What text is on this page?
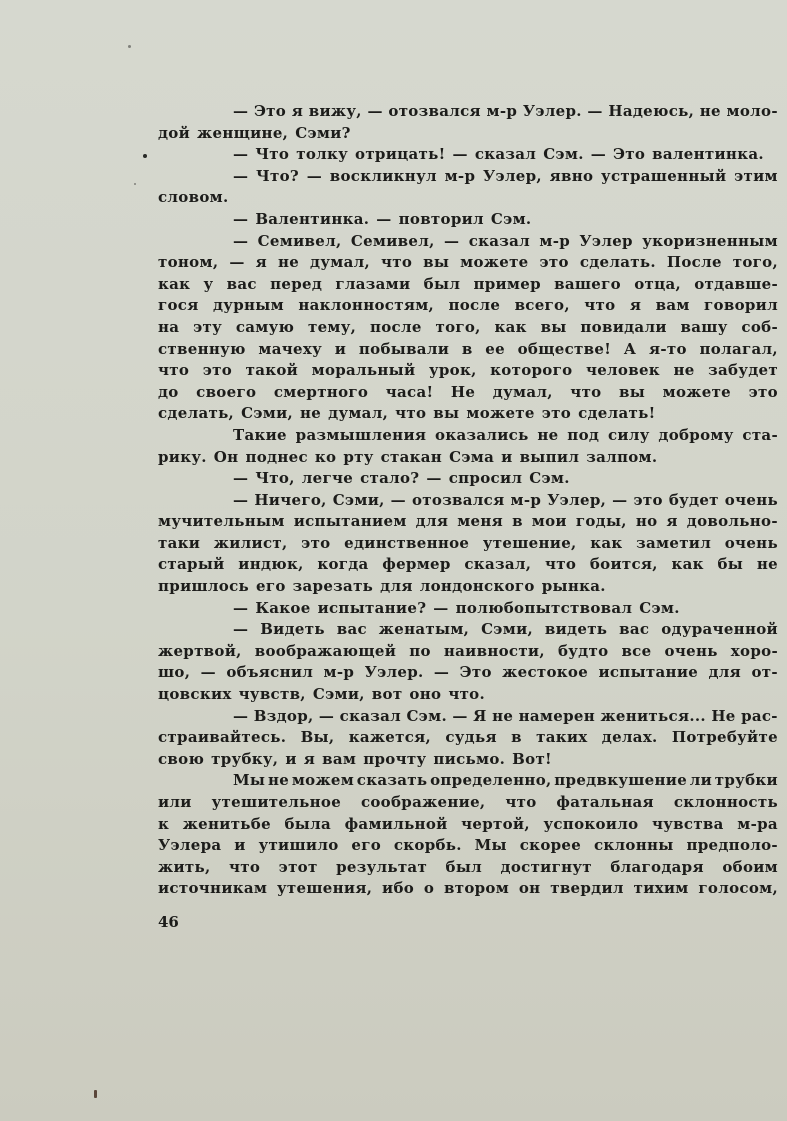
— Это я вижу, — отозвался м-р Уэлер. — Надеюсь, не моло-
дой женщине, Сэми?
— Что толку отрицать! — сказал Сэм. — Это валентинка.
— Что? — воскликнул м-р Уэлер, явно устрашенный этим
словом.
— Валентинка. — повторил Сэм.
— Семивел, Семивел, — сказал м-р Уэлер укоризненным
тоном, — я не думал, что вы можете это сделать. После того,
как у вас перед глазами был пример вашего отца, отдавше-
гося дурным наклонностям, после всего, что я вам говорил
на эту самую тему, после того, как вы повидали вашу соб-
ственную мачеху и побывали в ее обществе! А я-то полагал,
что это такой моральный урок, которого человек не забудет
до своего смертного часа! Не думал, что вы можете это
сделать, Сэми, не думал, что вы можете это сделать!
Такие размышления оказались не под силу доброму ста-
рику. Он поднес ко рту стакан Сэма и выпил залпом.
— Что, легче стало? — спросил Сэм.
— Ничего, Сэми, — отозвался м-р Уэлер, — это будет очень
мучительным испытанием для меня в мои годы, но я довольно-
таки жилист, это единственное утешение, как заметил очень
старый индюк, когда фермер сказал, что боится, как бы не
пришлось его зарезать для лондонского рынка.
— Какое испытание? — полюбопытствовал Сэм.
— Видеть вас женатым, Сэми, видеть вас одураченной
жертвой, воображающей по наивности, будто все очень хоро-
шо, — объяснил м-р Уэлер. — Это жестокое испытание для от-
цовских чувств, Сэми, вот оно что.
— Вздор, — сказал Сэм. — Я не намерен жениться... Не рас-
страивайтесь. Вы, кажется, судья в таких делах. Потребуйте
свою трубку, и я вам прочту письмо. Вот!
Мы не можем сказать определенно, предвкушение ли трубки
или утешительное соображение, что фатальная склонность
к женитьбе была фамильной чертой, успокоило чувства м-ра
Уэлера и утишило его скорбь. Мы скорее склонны предполо-
жить, что этот результат был достигнут благодаря обоим
источникам утешения, ибо о втором он твердил тихим голосом,
46
